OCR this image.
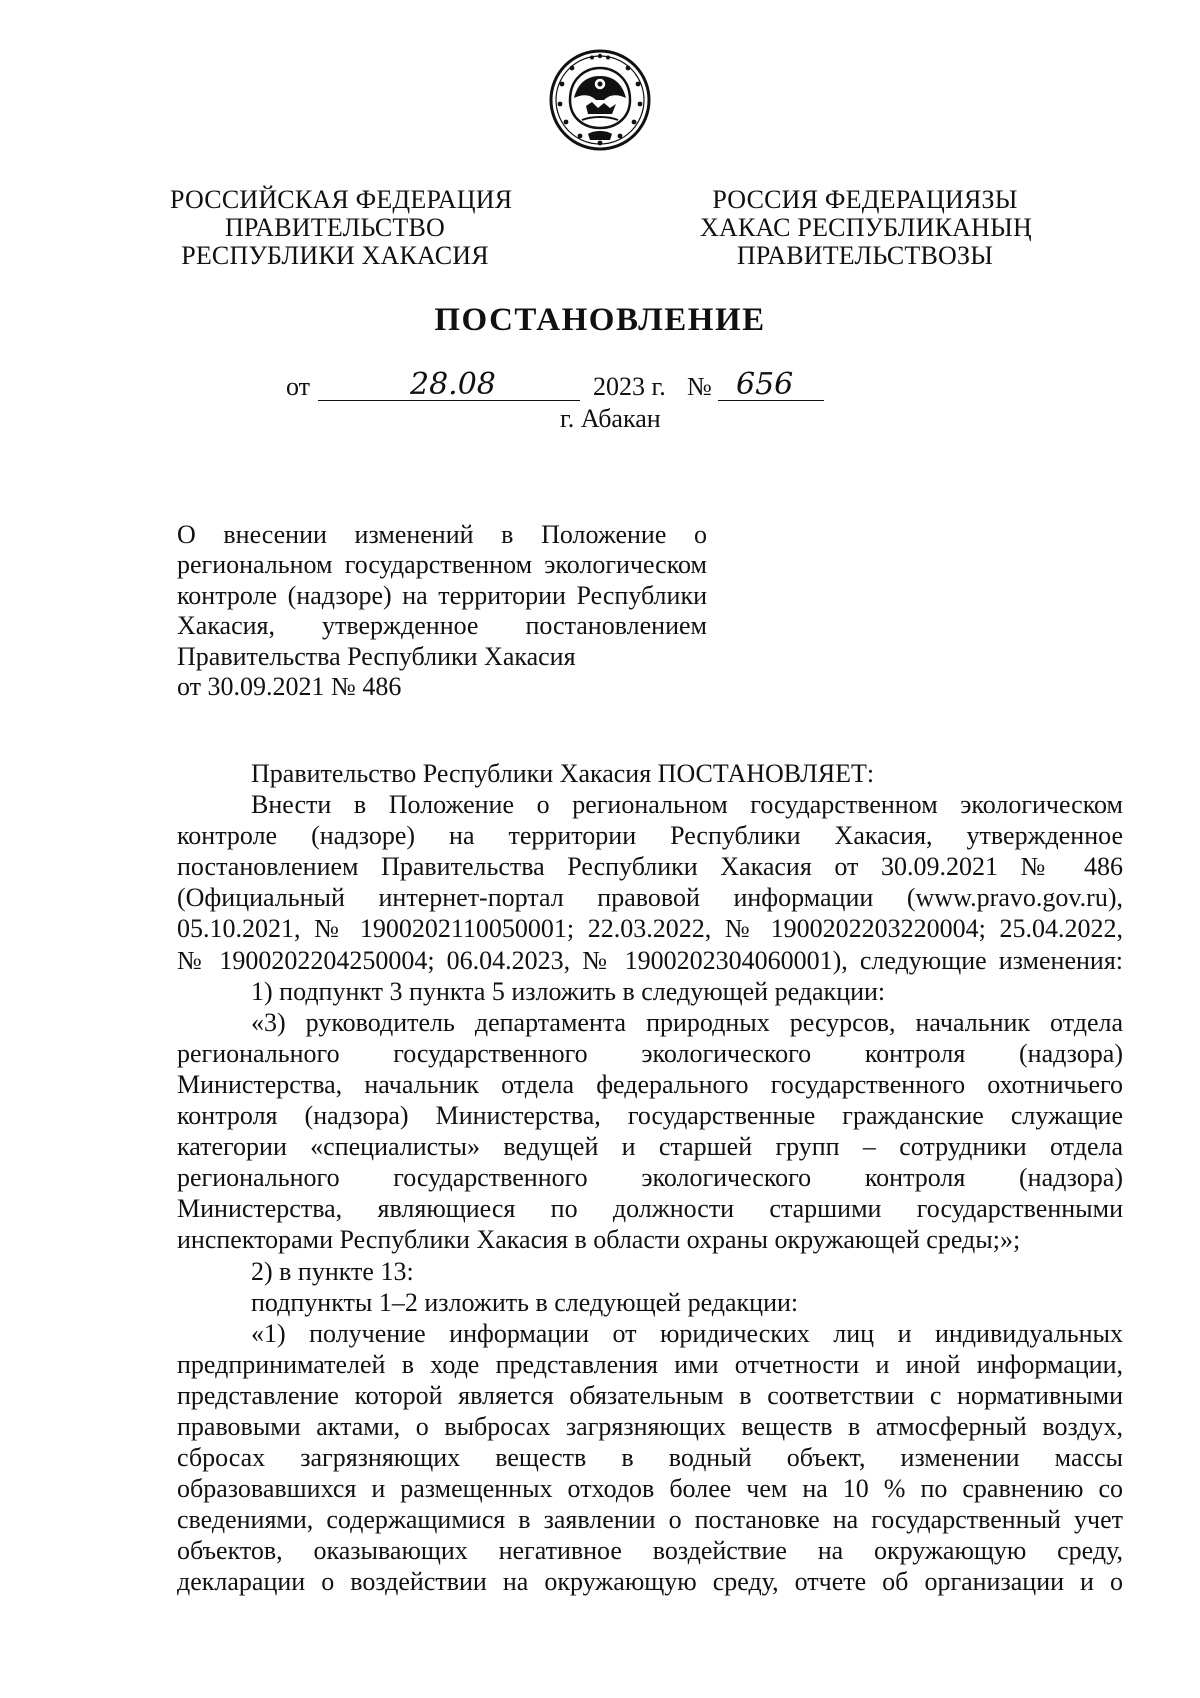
РОССИЙСКАЯ ФЕДЕРАЦИЯ
ПРАВИТЕЛЬСТВО
РЕСПУБЛИКИ ХАКАСИЯ
РОССИЯ ФЕДЕРАЦИЯЗЫ
ХАКАС РЕСПУБЛИКАНЫҢ
ПРАВИТЕЛЬСТВОЗЫ
ПОСТАНОВЛЕНИЕ
от	28.08	2023 г. № 656
г. Абакан
О внесении изменений в Положение о
региональном государственном экологическом
контроле (надзоре) на территории Республики
Хакасия, утвержденное постановлением
Правительства Республики Хакасия
от 30.09.2021 № 486
Правительство Республики Хакасия ПОСТАНОВЛЯЕТ:
Внести в Положение о региональном государственном экологическом
контроле (надзоре) на территории Республики Хакасия, утвержденное
постановлением Правительства Республики Хакасия от 30.09.2021 № 486
(Официальный интернет-портал правовой информации (www.pravo.gov.ru),
05.10.2021, № 1900202110050001; 22.03.2022, № 1900202203220004; 25.04.2022,
№ 1900202204250004; 06.04.2023, № 1900202304060001), следующие изменения:
1) подпункт 3 пункта 5 изложить в следующей редакции:
«3) руководитель департамента природных ресурсов, начальник отдела
регионального государственного экологического контроля (надзора)
Министерства, начальник отдела федерального государственного охотничьего
контроля (надзора) Министерства, государственные гражданские служащие
категории «специалисты» ведущей и старшей групп – сотрудники отдела
регионального государственного экологического контроля (надзора)
Министерства, являющиеся по должности старшими государственными
инспекторами Республики Хакасия в области охраны окружающей среды;»;
2) в пункте 13:
подпункты 1–2 изложить в следующей редакции:
«1) получение информации от юридических лиц и индивидуальных
предпринимателей в ходе представления ими отчетности и иной информации,
представление которой является обязательным в соответствии с нормативными
правовыми актами, о выбросах загрязняющих веществ в атмосферный воздух,
сбросах загрязняющих веществ в водный объект, изменении массы
образовавшихся и размещенных отходов более чем на 10 % по сравнению со
сведениями, содержащимися в заявлении о постановке на государственный учет
объектов, оказывающих негативное воздействие на окружающую среду,
декларации о воздействии на окружающую среду, отчете об организации и о
